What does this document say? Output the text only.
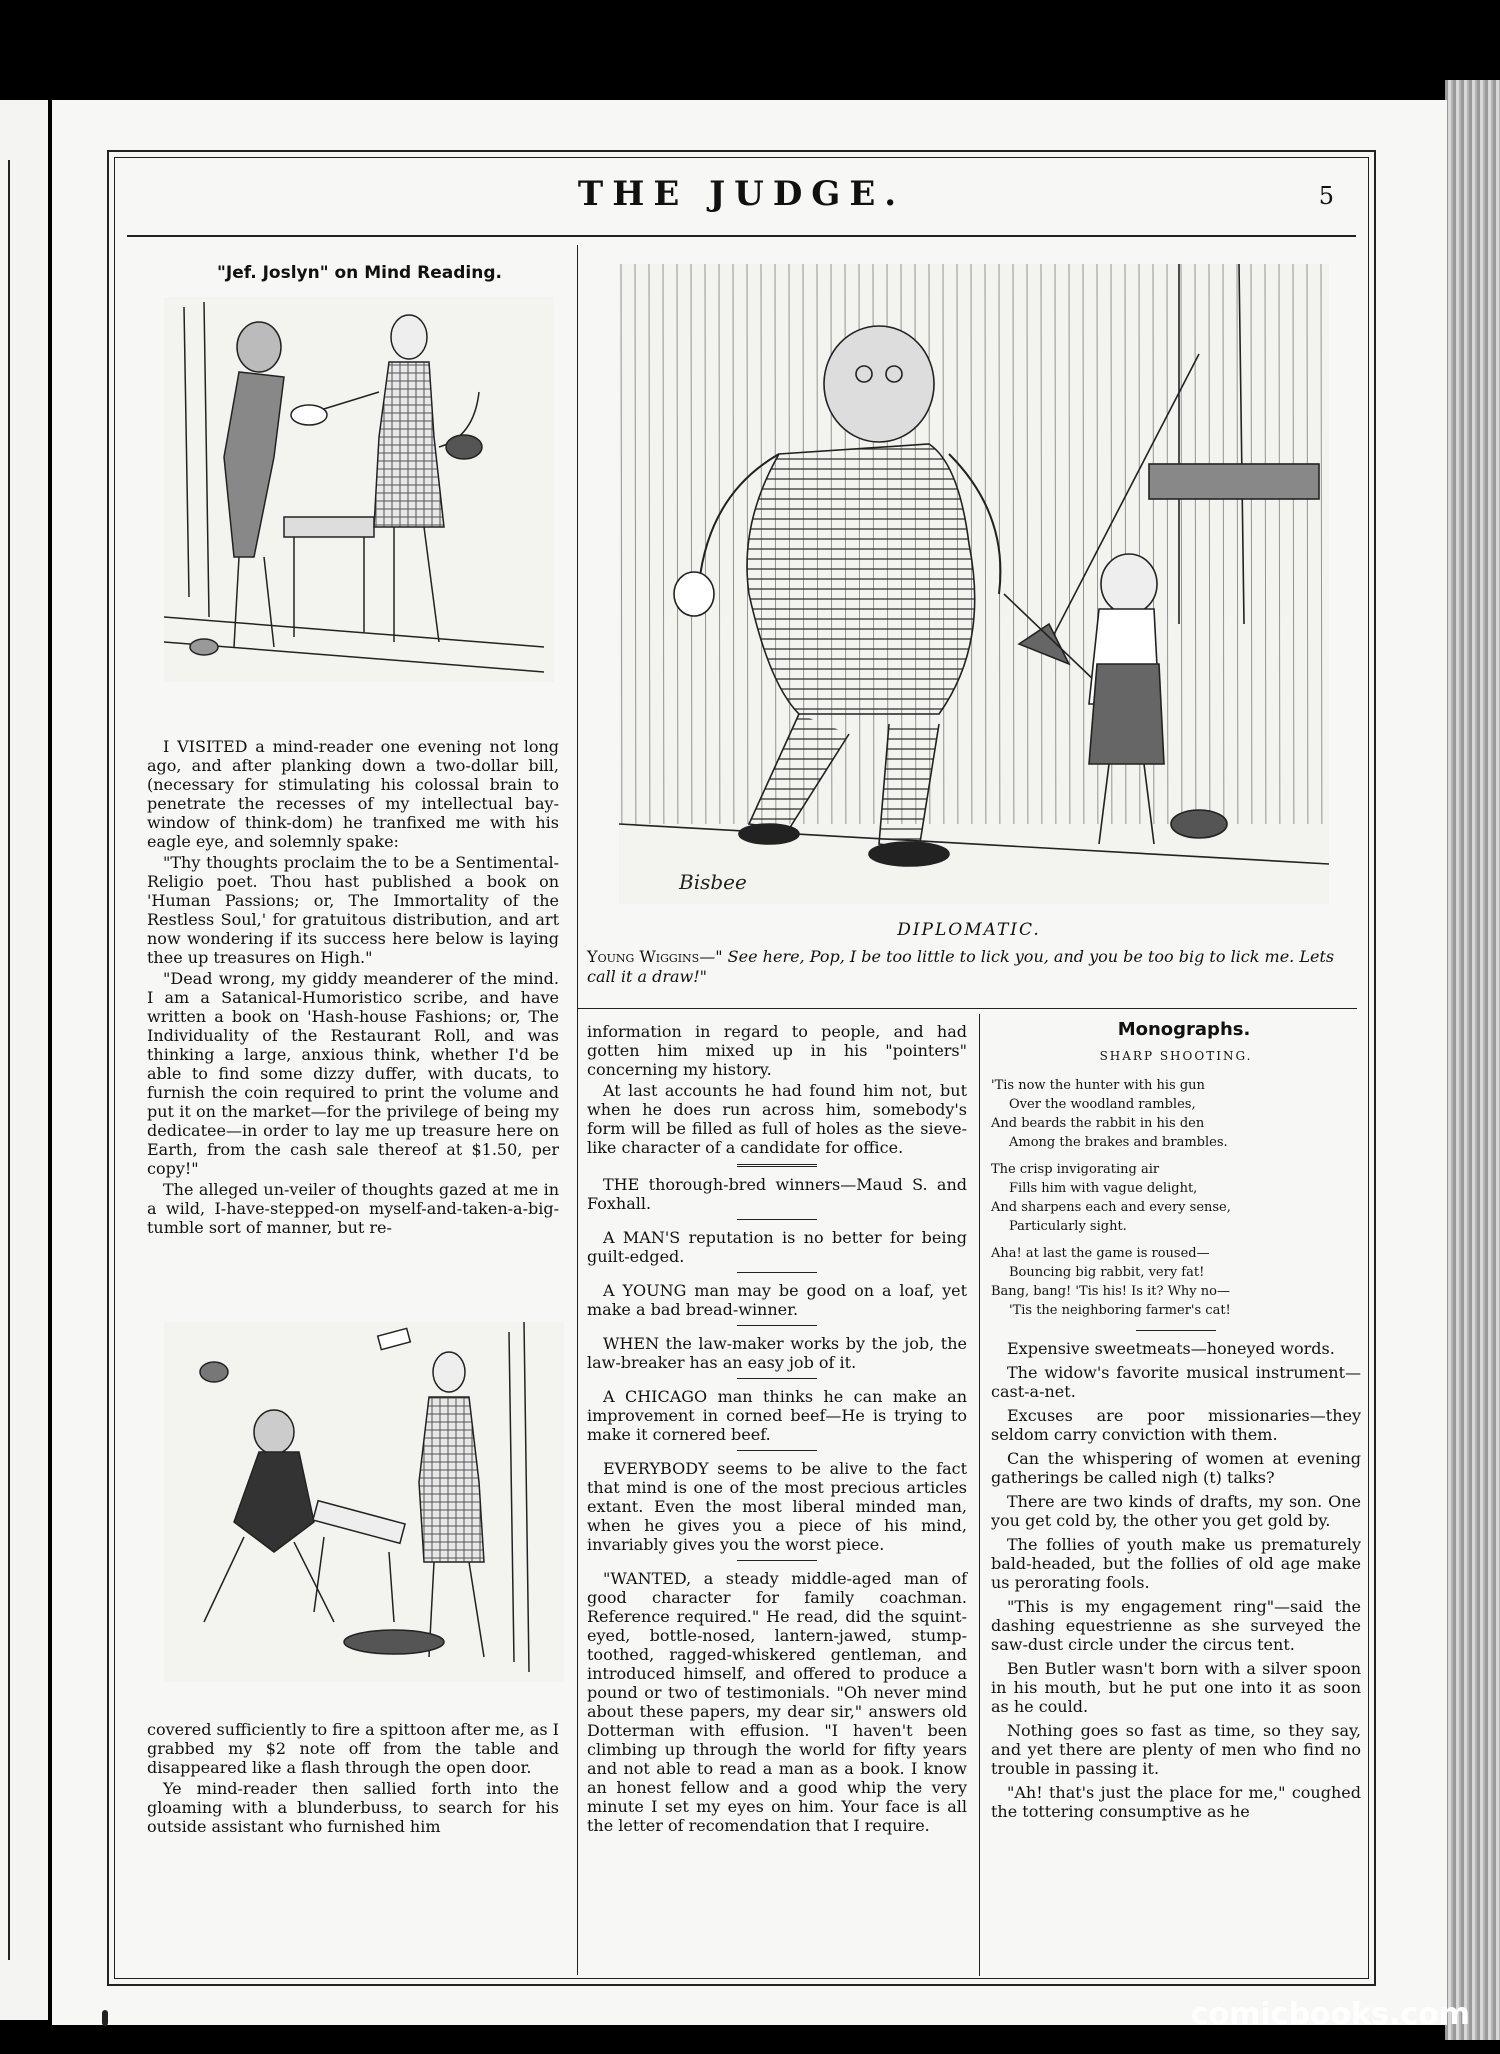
THE JUDGE.	5

"Jef. Joslyn" on Mind Reading.

I VISITED a mind-reader one evening not long ago, and after planking down a two-dollar bill, (necessary for stimulating his colossal brain to penetrate the recesses of my intellectual bay-window of think-dom) he tranfixed me with his eagle eye, and solemnly spake:

"Thy thoughts proclaim the to be a Sentimental-Religio poet. Thou hast published a book on 'Human Passions; or, The Immortality of the Restless Soul,' for gratuitous distribution, and art now wondering if its success here below is laying thee up treasures on High."

"Dead wrong, my giddy meanderer of the mind. I am a Satanical-Humoristico scribe, and have written a book on 'Hash-house Fashions; or, The Individuality of the Restaurant Roll, and was thinking a large, anxious think, whether I'd be able to find some dizzy duffer, with ducats, to furnish the coin required to print the volume and put it on the market—for the privilege of being my dedicatee—in order to lay me up treasure here on Earth, from the cash sale thereof at $1.50, per copy!"

The alleged un-veiler of thoughts gazed at me in a wild, I-have-stepped-on myself-and-taken-a-big-tumble sort of manner, but re-

covered sufficiently to fire a spittoon after me, as I grabbed my $2 note off from the table and disappeared like a flash through the open door.

Ye mind-reader then sallied forth into the gloaming with a blunderbuss, to search for his outside assistant who furnished him

Bisbee
DIPLOMATIC.
Young Wiggins—" See here, Pop, I be too little to lick you, and you be too big to lick me. Lets call it a draw!"

information in regard to people, and had gotten him mixed up in his "pointers" concerning my history.

At last accounts he had found him not, but when he does run across him, somebody's form will be filled as full of holes as the sieve-like character of a candidate for office.

THE thorough-bred winners—Maud S. and Foxhall.

A MAN'S reputation is no better for being guilt-edged.

A YOUNG man may be good on a loaf, yet make a bad bread-winner.

WHEN the law-maker works by the job, the law-breaker has an easy job of it.

A CHICAGO man thinks he can make an improvement in corned beef—He is trying to make it cornered beef.

EVERYBODY seems to be alive to the fact that mind is one of the most precious articles extant. Even the most liberal minded man, when he gives you a piece of his mind, invariably gives you the worst piece.

"WANTED, a steady middle-aged man of good character for family coachman. Reference required." He read, did the squint-eyed, bottle-nosed, lantern-jawed, stump-toothed, ragged-whiskered gentleman, and introduced himself, and offered to produce a pound or two of testimonials. "Oh never mind about these papers, my dear sir," answers old Dotterman with effusion. "I haven't been climbing up through the world for fifty years and not able to read a man as a book. I know an honest fellow and a good whip the very minute I set my eyes on him. Your face is all the letter of recomendation that I require.

Monographs.

SHARP SHOOTING.
'Tis now the hunter with his gun
Over the woodland rambles,
And beards the rabbit in his den
Among the brakes and brambles.
The crisp invigorating air
Fills him with vague delight,
And sharpens each and every sense,
Particularly sight.
Aha! at last the game is roused—
Bouncing big rabbit, very fat!
Bang, bang! 'Tis his! Is it? Why no—
'Tis the neighboring farmer's cat!

Expensive sweetmeats—honeyed words.

The widow's favorite musical instrument—cast-a-net.

Excuses are poor missionaries—they seldom carry conviction with them.

Can the whispering of women at evening gatherings be called nigh (t) talks?

There are two kinds of drafts, my son. One you get cold by, the other you get gold by.

The follies of youth make us prematurely bald-headed, but the follies of old age make us perorating fools.

"This is my engagement ring"—said the dashing equestrienne as she surveyed the saw-dust circle under the circus tent.

Ben Butler wasn't born with a silver spoon in his mouth, but he put one into it as soon as he could.

Nothing goes so fast as time, so they say, and yet there are plenty of men who find no trouble in passing it.

"Ah! that's just the place for me," coughed the tottering consumptive as he

comicbooks.com
